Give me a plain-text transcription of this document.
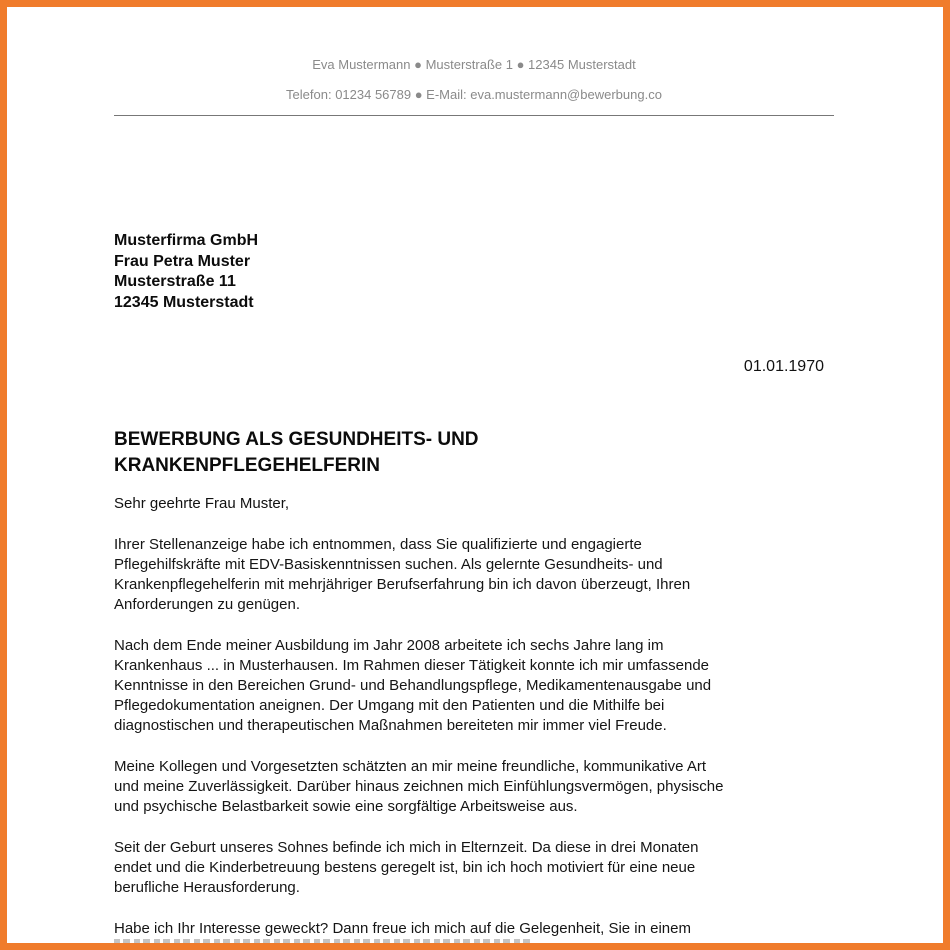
Eva Mustermann ● Musterstraße 1 ● 12345 Musterstadt
Telefon: 01234 56789 ● E-Mail: eva.mustermann@bewerbung.co
Musterfirma GmbH
Frau Petra Muster
Musterstraße 11
12345 Musterstadt
01.01.1970
BEWERBUNG ALS GESUNDHEITS- UND
KRANKENPFLEGEHELFERIN
Sehr geehrte Frau Muster,
Ihrer Stellenanzeige habe ich entnommen, dass Sie qualifizierte und engagierte
Pflegehilfskräfte mit EDV-Basiskenntnissen suchen. Als gelernte Gesundheits- und
Krankenpflegehelferin mit mehrjähriger Berufserfahrung bin ich davon überzeugt, Ihren
Anforderungen zu genügen.
Nach dem Ende meiner Ausbildung im Jahr 2008 arbeitete ich sechs Jahre lang im
Krankenhaus ... in Musterhausen. Im Rahmen dieser Tätigkeit konnte ich mir umfassende
Kenntnisse in den Bereichen Grund- und Behandlungspflege, Medikamentenausgabe und
Pflegedokumentation aneignen. Der Umgang mit den Patienten und die Mithilfe bei
diagnostischen und therapeutischen Maßnahmen bereiteten mir immer viel Freude.
Meine Kollegen und Vorgesetzten schätzten an mir meine freundliche, kommunikative Art
und meine Zuverlässigkeit. Darüber hinaus zeichnen mich Einfühlungsvermögen, physische
und psychische Belastbarkeit sowie eine sorgfältige Arbeitsweise aus.
Seit der Geburt unseres Sohnes befinde ich mich in Elternzeit. Da diese in drei Monaten
endet und die Kinderbetreuung bestens geregelt ist, bin ich hoch motiviert für eine neue
berufliche Herausforderung.
Habe ich Ihr Interesse geweckt? Dann freue ich mich auf die Gelegenheit, Sie in einem
